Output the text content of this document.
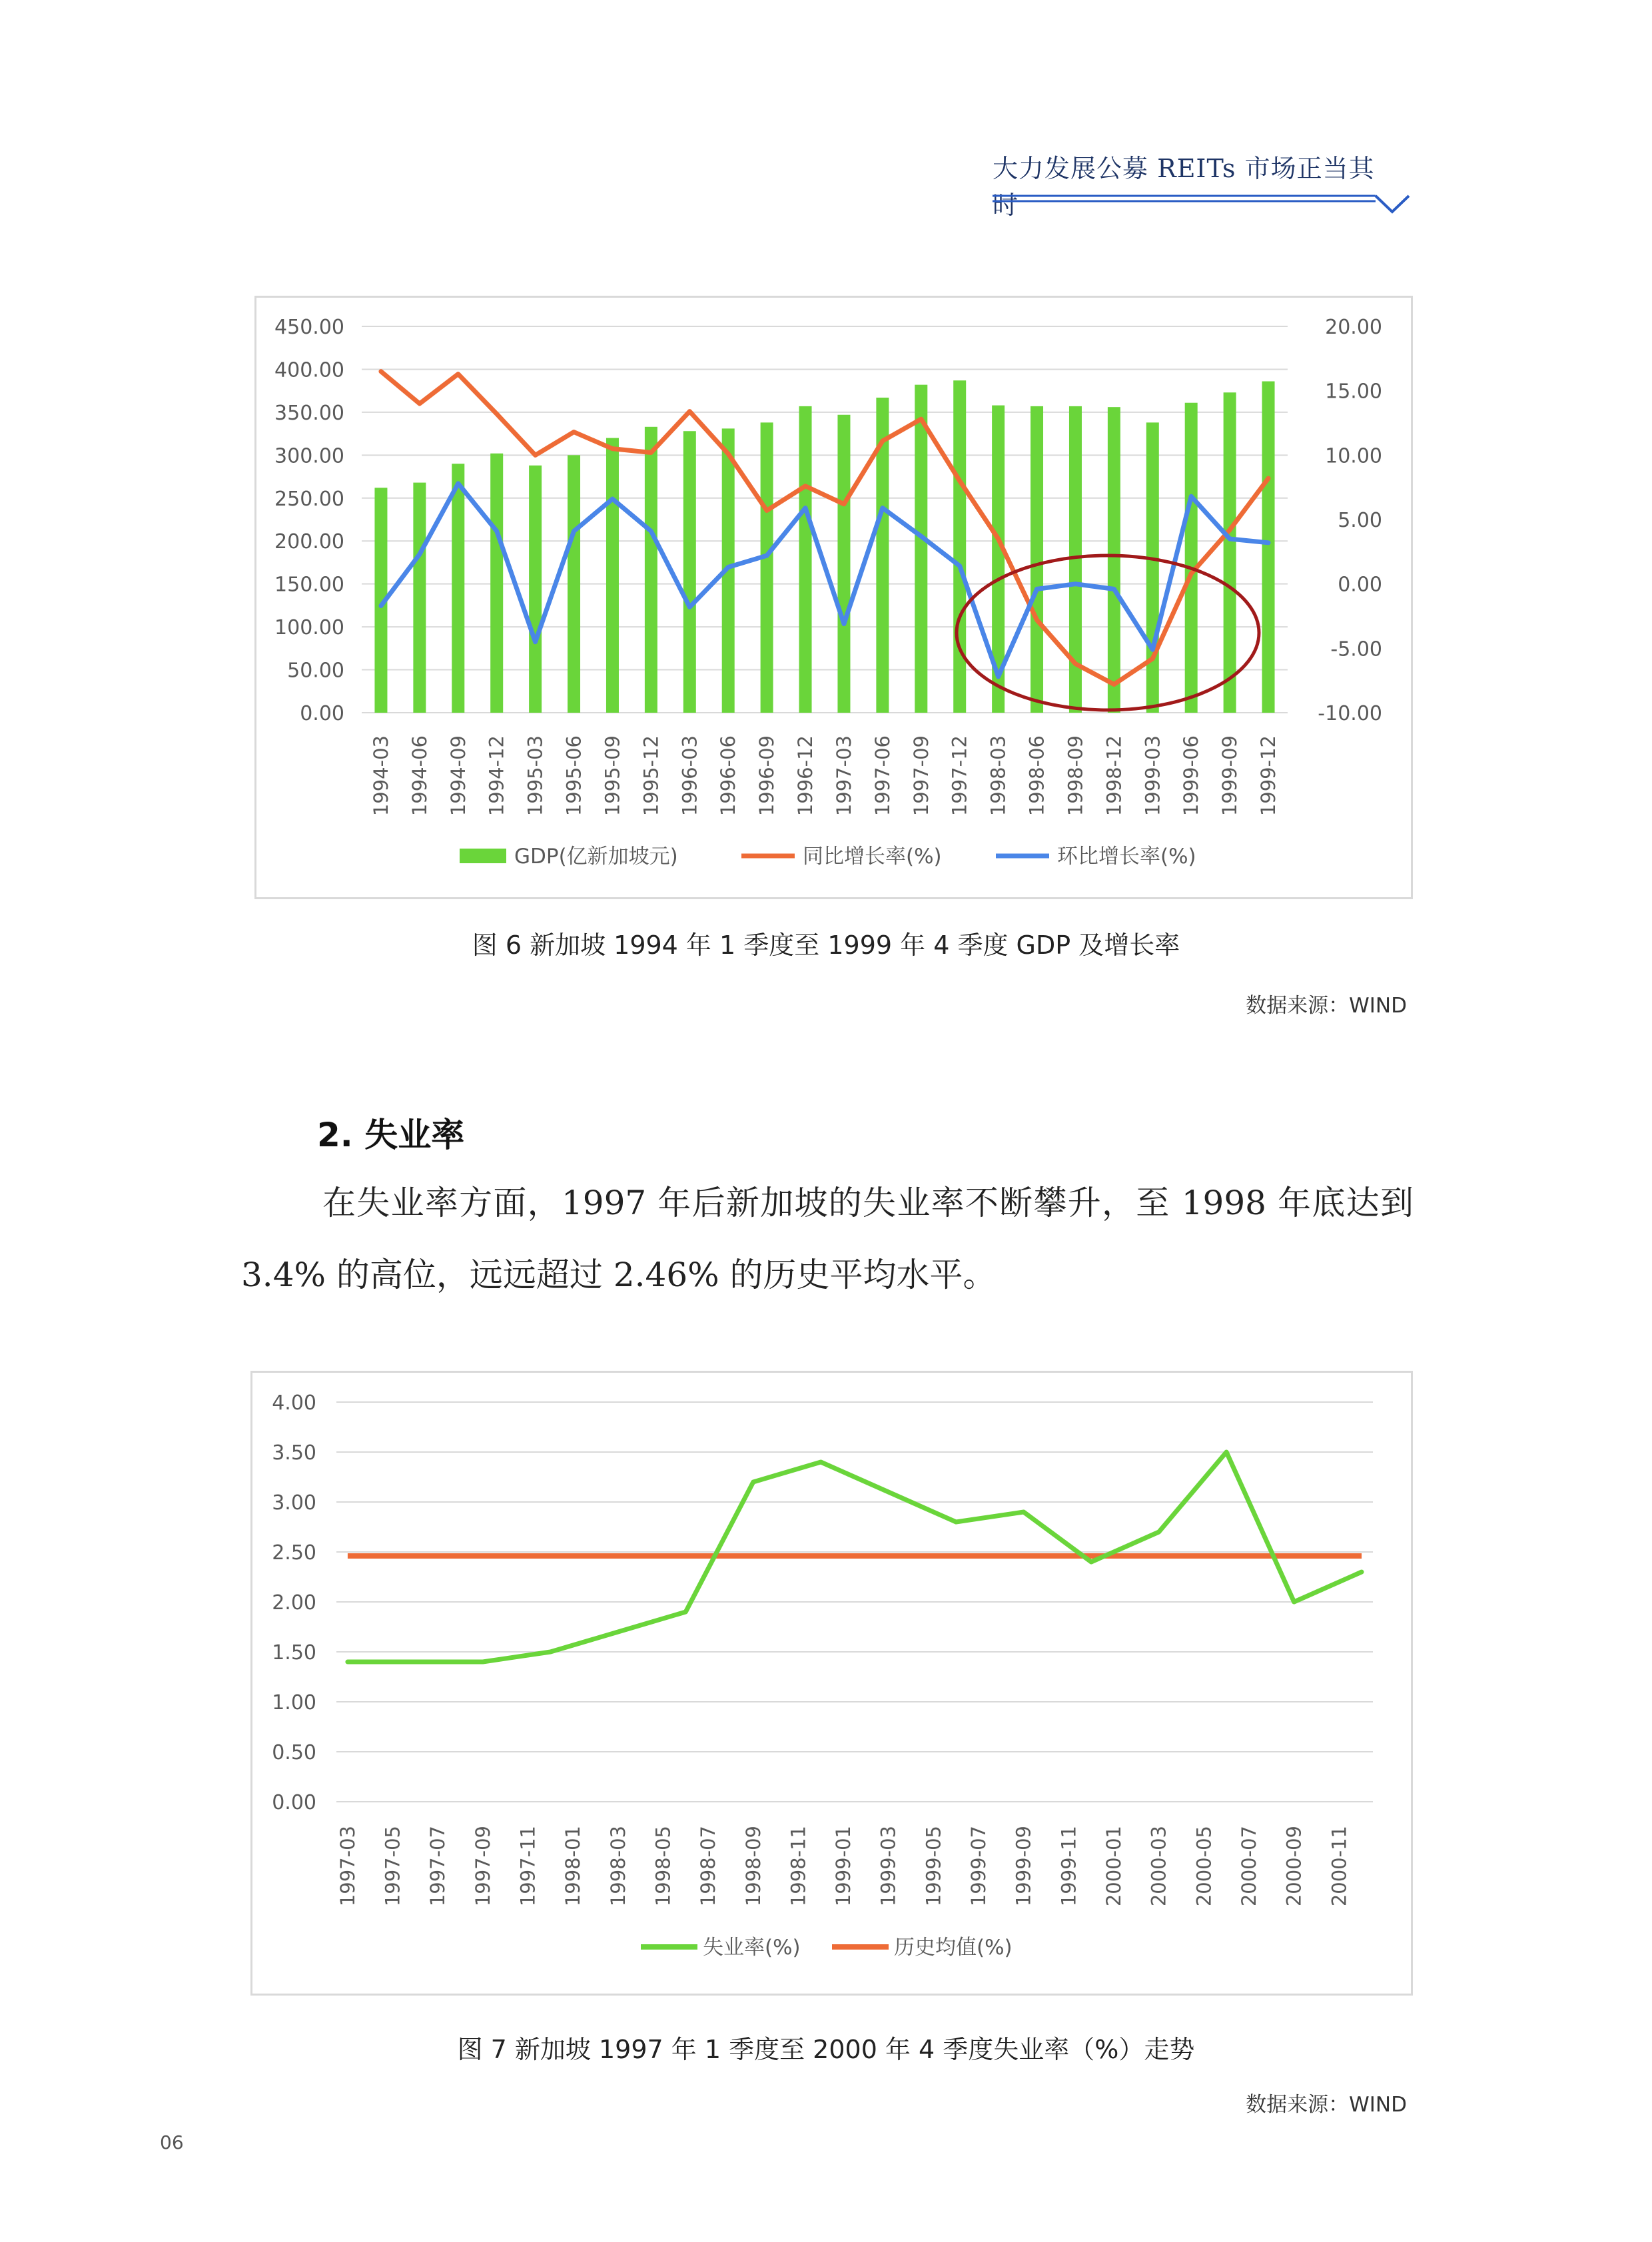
大力发展公募 REITs 市场正当其时
450.00
400.00
350.00
300.00
250.00
200.00
150.00
100.00
50.00
0.00
20.00
15.00
10.00
5.00
0.00
-5.00
-10.00
1994-03 1994-06 1994-09 1994-12 1995-03 1995-06 1995-09 1995-12 1996-03 1996-06 1996-09 1996-12 1997-03 1997-06 1997-09 1997-12 1998-03 1998-06 1998-09 1998-12 1999-03 1999-06 1999-09 1999-12
GDP(亿新加坡元)	同比增长率(%)	环比增长率(%)
图 6 新加坡 1994 年 1 季度至 1999 年 4 季度 GDP 及增长率
数据来源：WIND
2. 失业率

在失业率方面，1997 年后新加坡的失业率不断攀升，至 1998 年底达到 3.4% 的高位，远远超过 2.46% 的历史平均水平。

4.00
3.50
3.00
2.50
2.00
1.50
1.00
0.50
0.00
1997-03 1997-05 1997-07 1997-09 1997-11 1998-01 1998-03 1998-05 1998-07 1998-09 1998-11 1999-01 1999-03 1999-05 1999-07 1999-09 1999-11 2000-01 2000-03 2000-05 2000-07 2000-09 2000-11
失业率(%)	历史均值(%)
图 7 新加坡 1997 年 1 季度至 2000 年 4 季度失业率（%）走势
数据来源：WIND
06
